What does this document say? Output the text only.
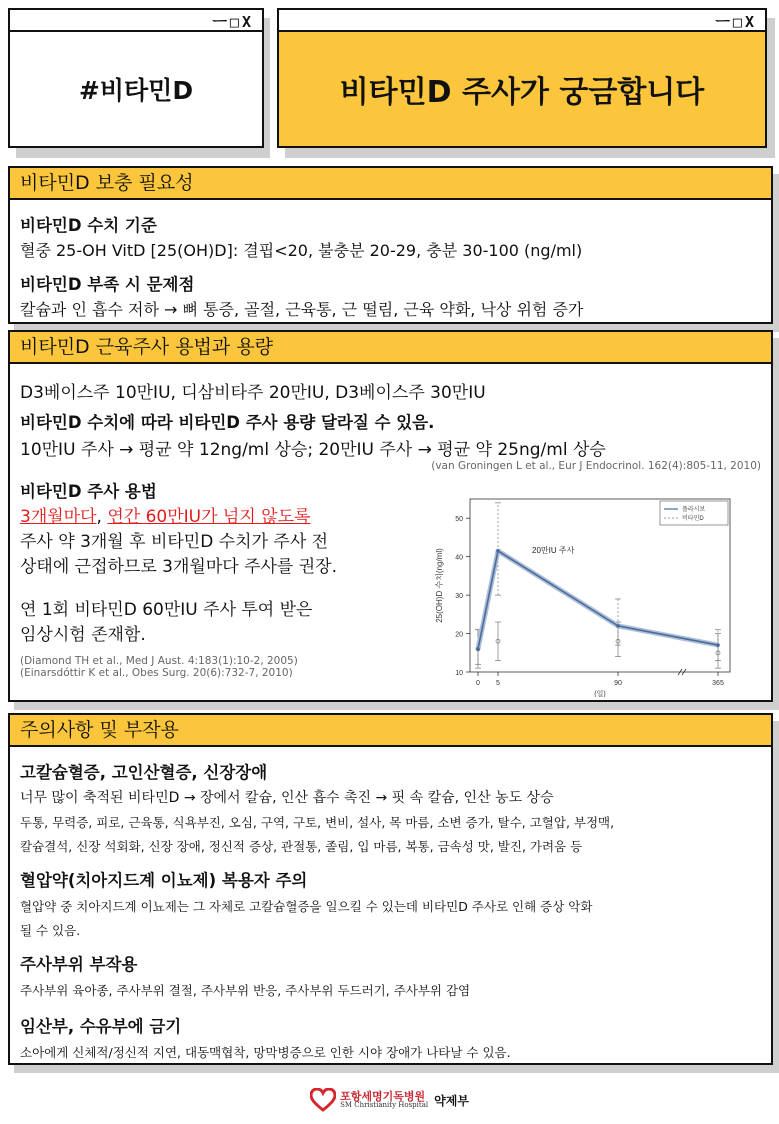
ㅡ□X
#비타민D
ㅡ□X
비타민D 주사가 궁금합니다
비타민D 보충 필요성
비타민D 수치 기준
혈중 25-OH VitD [25(OH)D]: 결핍<20, 불충분 20-29, 충분 30-100 (ng/ml)
비타민D 부족 시 문제점
칼슘과 인 흡수 저하 → 뼈 통증, 골절, 근육통, 근 떨림, 근육 약화, 낙상 위험 증가
비타민D 근육주사 용법과 용량
D3베이스주 10만IU, 디삼비타주 20만IU, D3베이스주 30만IU
비타민D 수치에 따라 비타민D 주사 용량 달라질 수 있음.
10만IU 주사 → 평균 약 12ng/ml 상승; 20만IU 주사 → 평균 약 25ng/ml 상승
(van Groningen L et al., Eur J Endocrinol. 162(4):805-11, 2010)
비타민D 주사 용법
3개월마다, 연간 60만IU가 넘지 않도록
주사 약 3개월 후 비타민D 수치가 주사 전
상태에 근접하므로 3개월마다 주사를 권장.
연 1회 비타민D 60만IU 주사 투여 받은
임상시험 존재함.
(Diamond TH et al., Med J Aust. 4:183(1):10-2, 2005)
(Einarsdóttir K et al., Obes Surg. 20(6):732-7, 2010)	10
20
30
40
50
0 5	90	365
(일)
25(OH)D 수치(ng/ml)	20만IU 주사
플라시보
비타민D
주의사항 및 부작용
고칼슘혈증, 고인산혈증, 신장장애
너무 많이 축적된 비타민D → 장에서 칼슘, 인산 흡수 촉진 → 핏 속 칼슘, 인산 농도 상승
두통, 무력증, 피로, 근육통, 식욕부진, 오심, 구역, 구토, 변비, 설사, 목 마름, 소변 증가, 탈수, 고혈압, 부정맥,
칼슘결석, 신장 석회화, 신장 장애, 정신적 증상, 관절통, 졸림, 입 마름, 복통, 금속성 맛, 발진, 가려움 등
혈압약(치아지드계 이뇨제) 복용자 주의
혈압약 중 치아지드계 이뇨제는 그 자체로 고칼슘혈증을 일으킬 수 있는데 비타민D 주사로 인해 증상 악화
될 수 있음.
주사부위 부작용
주사부위 육아종, 주사부위 결절, 주사부위 반응, 주사부위 두드러기, 주사부위 감염
임산부, 수유부에 금기
소아에게 신체적/정신적 지연, 대동맥협착, 망막병증으로 인한 시야 장애가 나타날 수 있음.
포항세명기독병원
SM Christianity Hospital 약제부
